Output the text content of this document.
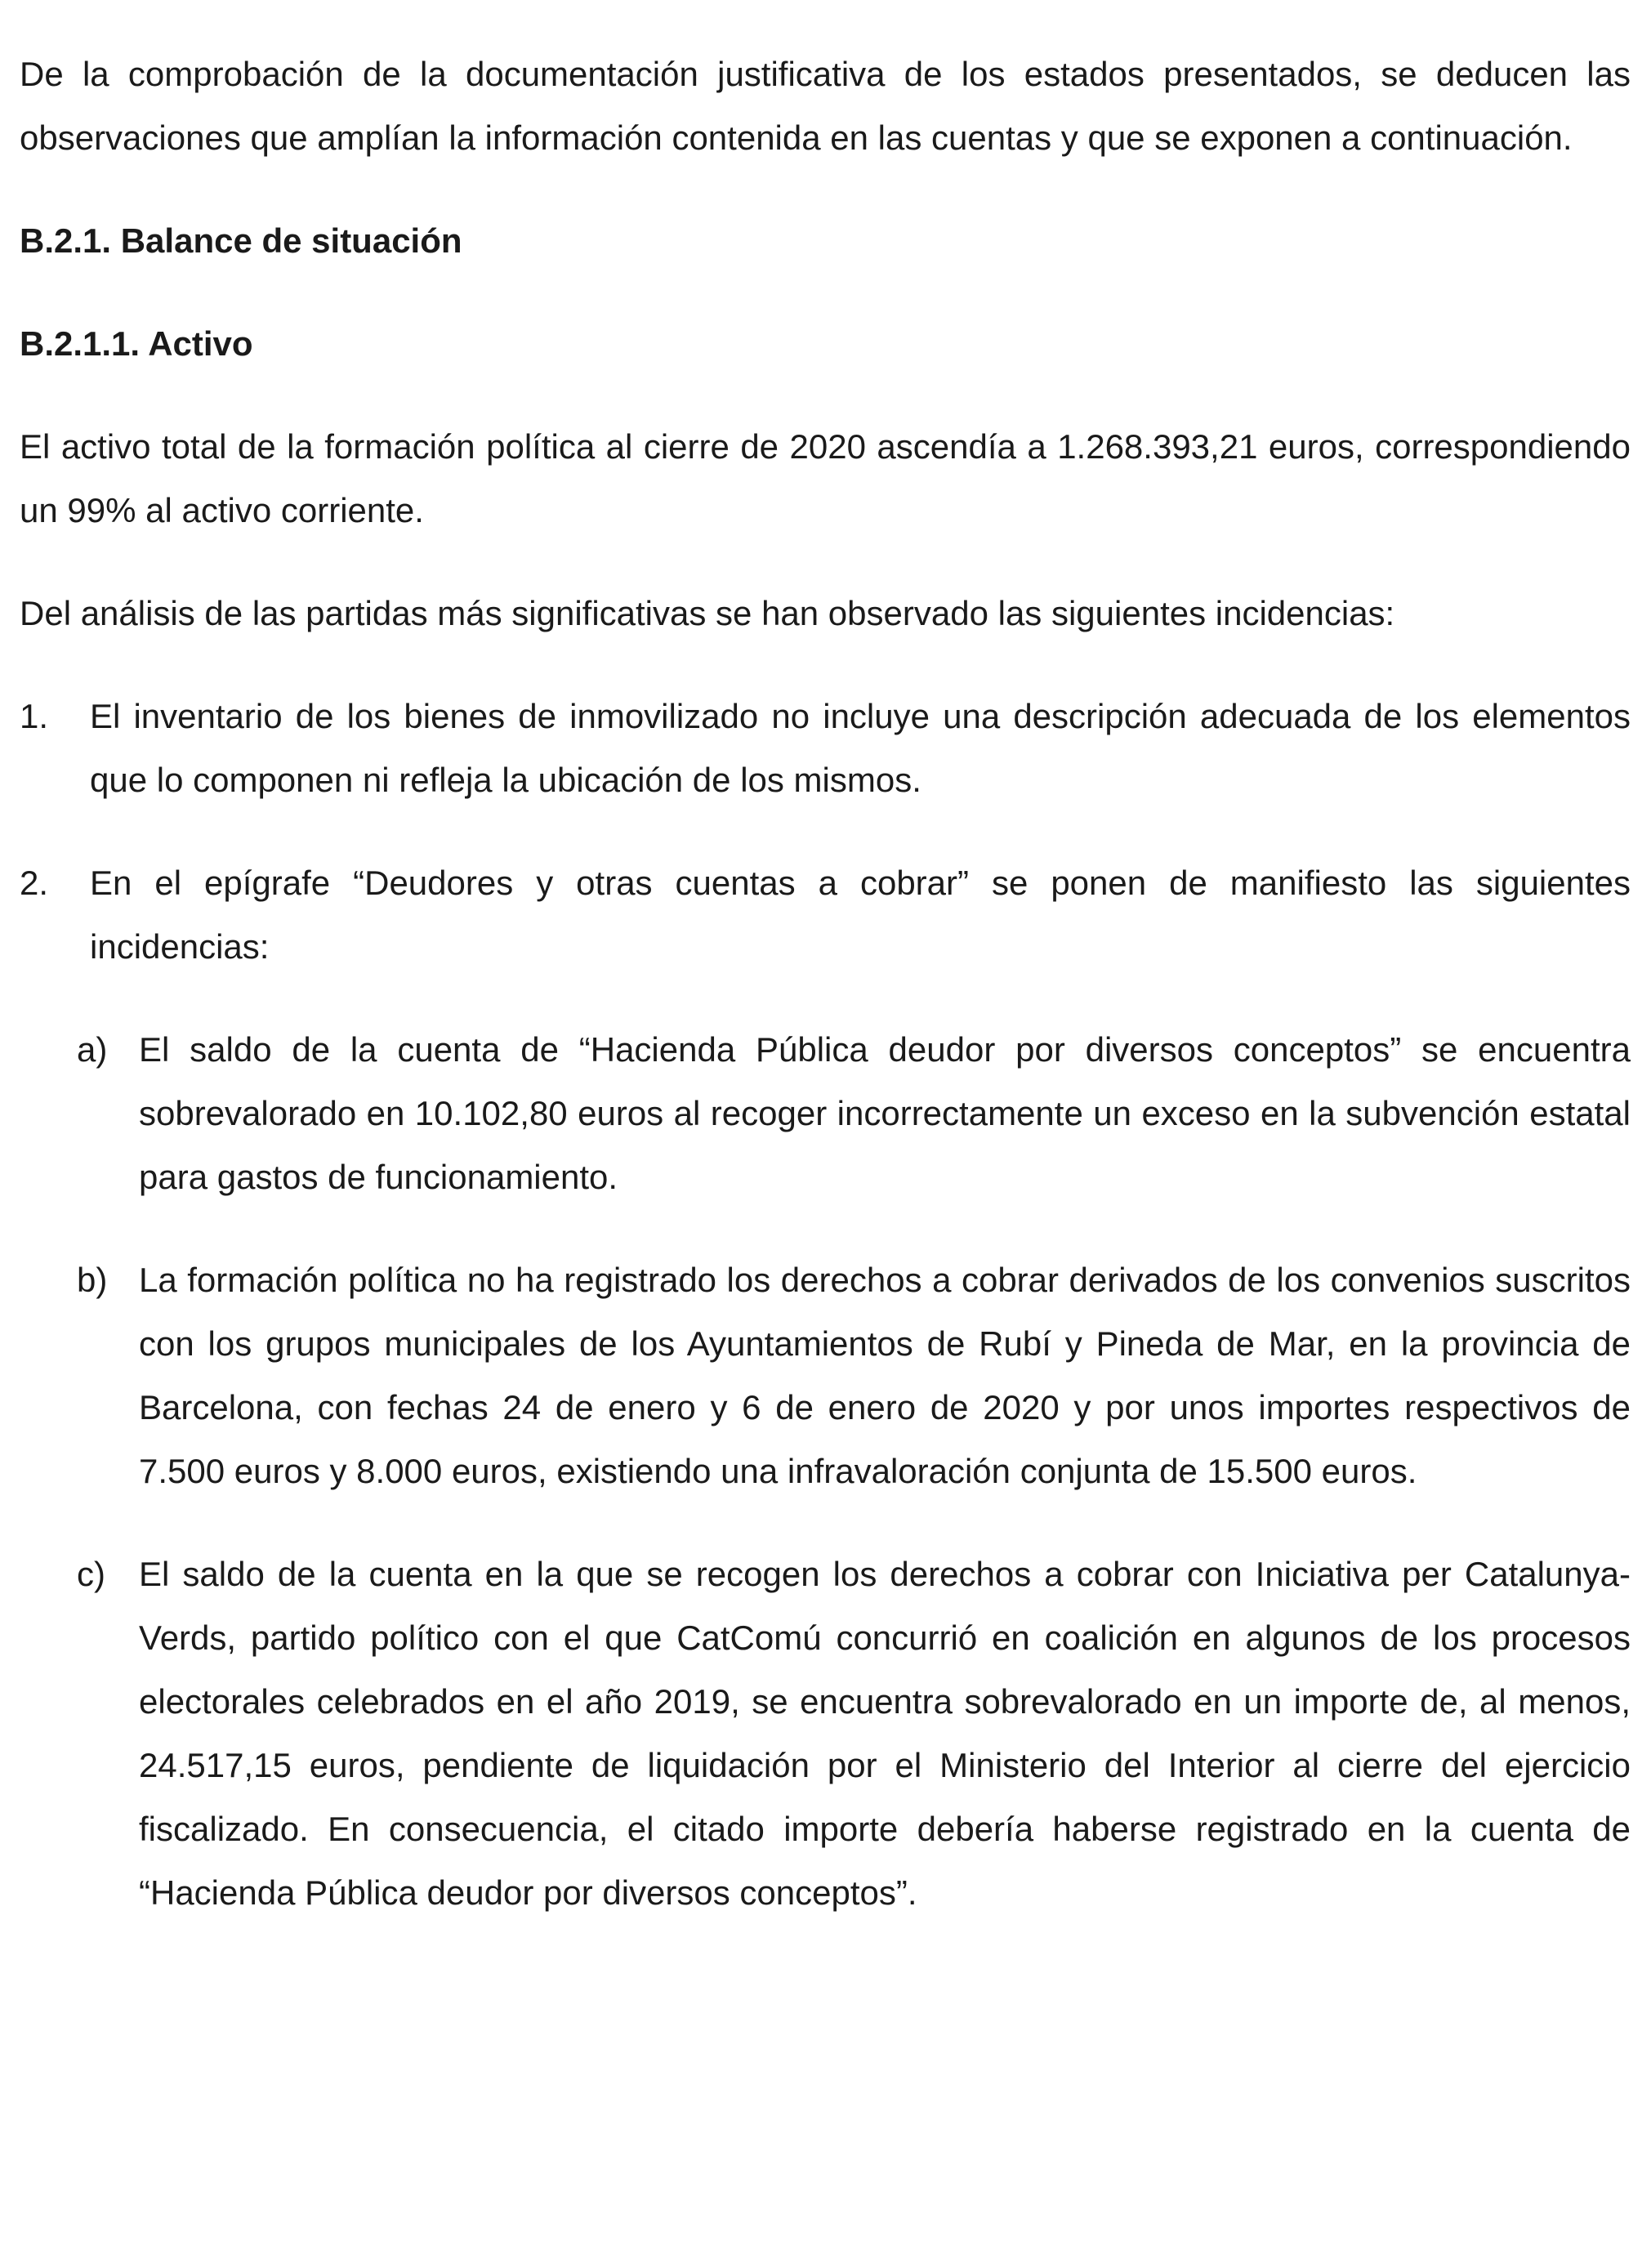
De la comprobación de la documentación justificativa de los estados presentados, se deducen las observaciones que amplían la información contenida en las cuentas y que se exponen a continuación.

B.2.1. Balance de situación

B.2.1.1. Activo

El activo total de la formación política al cierre de 2020 ascendía a 1.268.393,21 euros, correspondiendo un 99% al activo corriente.

Del análisis de las partidas más significativas se han observado las siguientes incidencias:

1. El inventario de los bienes de inmovilizado no incluye una descripción adecuada de los elementos que lo componen ni refleja la ubicación de los mismos.
2. En el epígrafe “Deudores y otras cuentas a cobrar” se ponen de manifiesto las siguientes incidencias:
a) El saldo de la cuenta de “Hacienda Pública deudor por diversos conceptos” se encuentra sobrevalorado en 10.102,80 euros al recoger incorrectamente un exceso en la subvención estatal para gastos de funcionamiento.
b) La formación política no ha registrado los derechos a cobrar derivados de los convenios suscritos con los grupos municipales de los Ayuntamientos de Rubí y Pineda de Mar, en la provincia de Barcelona, con fechas 24 de enero y 6 de enero de 2020 y por unos importes respectivos de 7.500 euros y 8.000 euros, existiendo una infravaloración conjunta de 15.500 euros.
c) El saldo de la cuenta en la que se recogen los derechos a cobrar con Iniciativa per Catalunya-Verds, partido político con el que CatComú concurrió en coalición en algunos de los procesos electorales celebrados en el año 2019, se encuentra sobrevalorado en un importe de, al menos, 24.517,15 euros, pendiente de liquidación por el Ministerio del Interior al cierre del ejercicio fiscalizado. En consecuencia, el citado importe debería haberse registrado en la cuenta de “Hacienda Pública deudor por diversos conceptos”.
